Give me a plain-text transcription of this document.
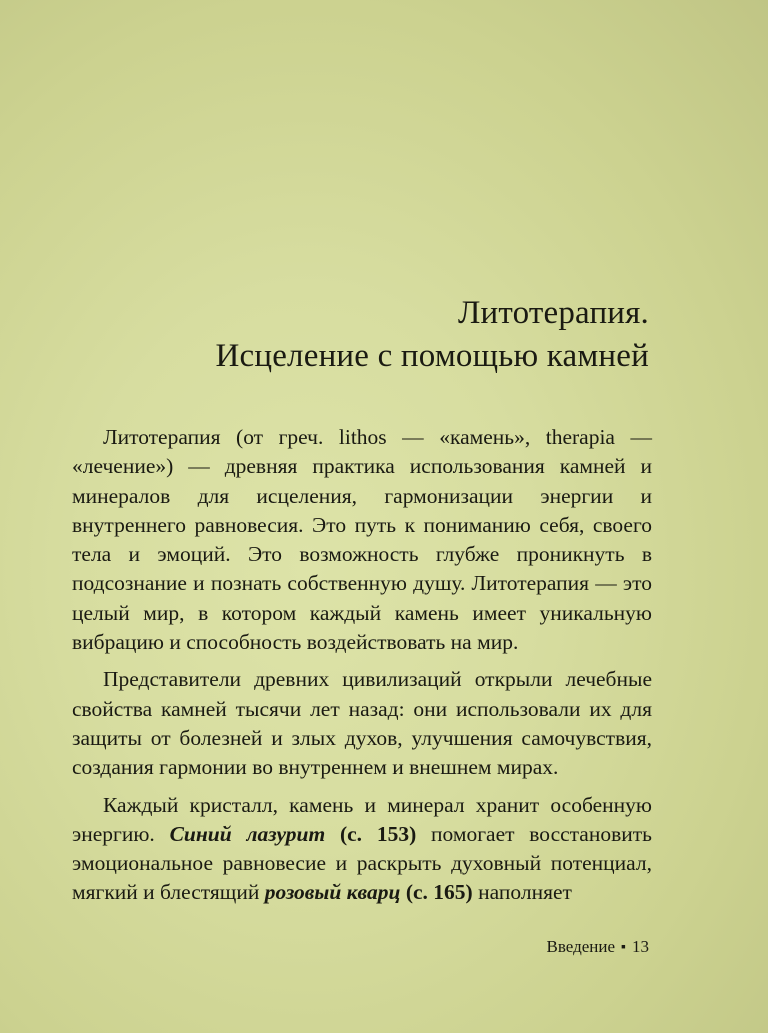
Литотерапия.
Исцеление с помощью камней

Литотерапия (от греч. lithos — «камень», therapia — «лечение») — древняя практика использования камней и минералов для исцеления, гармонизации энергии и внутреннего равновесия. Это путь к пониманию себя, своего тела и эмоций. Это возможность глубже проникнуть в подсознание и познать собственную душу. Литотерапия — это целый мир, в котором каждый камень имеет уникальную вибрацию и способность воздействовать на мир.

Представители древних цивилизаций открыли лечебные свойства камней тысячи лет назад: они использовали их для защиты от болезней и злых духов, улучшения самочувствия, создания гармонии во внутреннем и внешнем мирах.

Каждый кристалл, камень и минерал хранит особенную энергию. Синий лазурит (с. 153) помогает восстановить эмоциональное равновесие и раскрыть духовный потенциал, мягкий и блестящий розовый кварц (с. 165) наполняет

Введение ▪ 13
